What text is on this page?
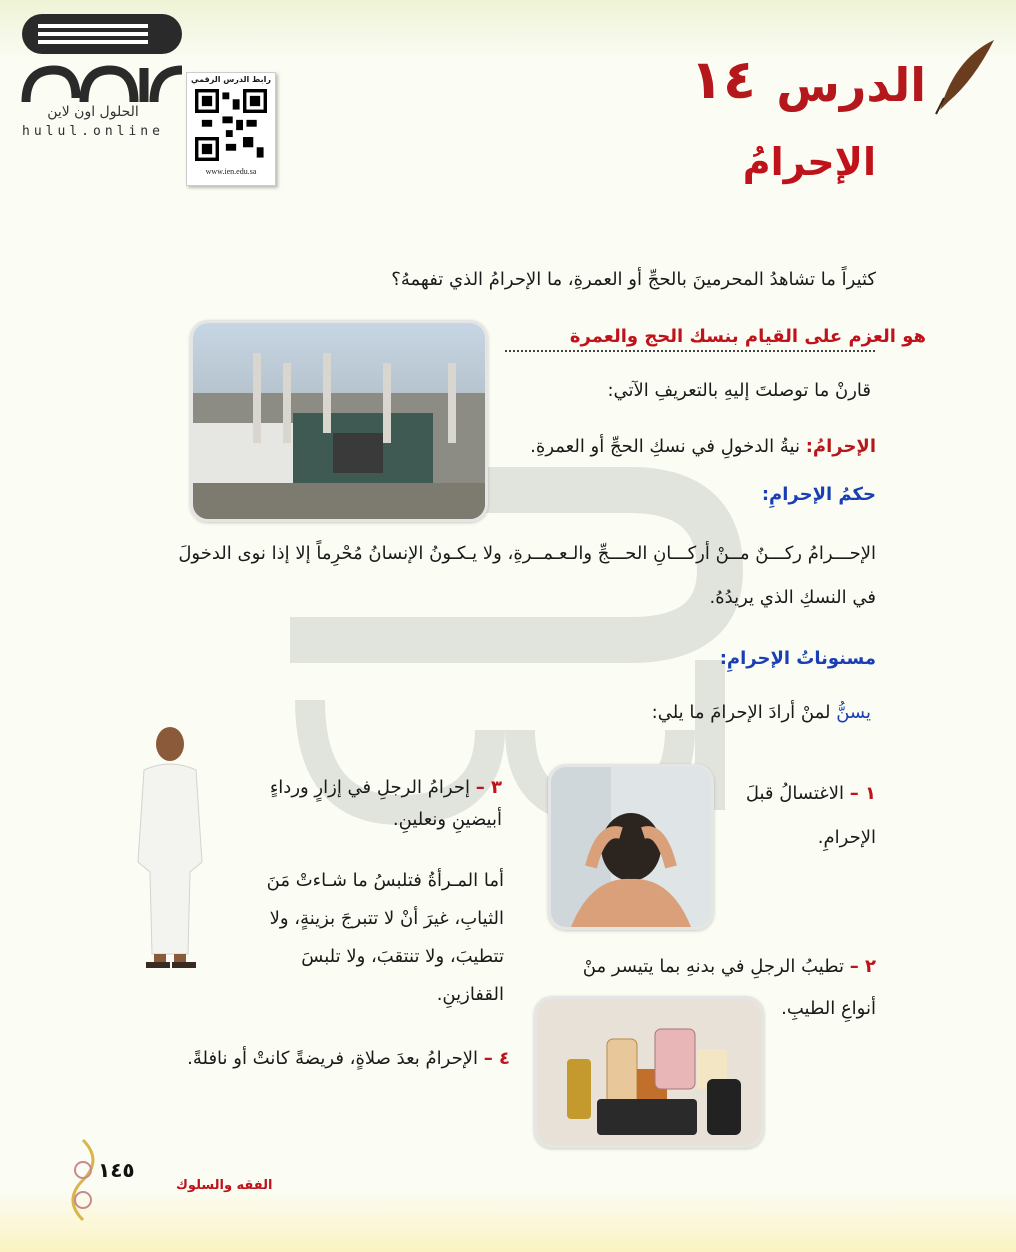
الحلول اون لاين
hulul.online
رابط الدرس الرقمي
www.ien.edu.sa
الدرس
١٤
الإحرامُ
كثيراً ما تشاهدُ المحرمينَ بالحجِّ أو العمرةِ، ما الإحرامُ الذي تفهمهُ؟
هو العزم على القيام بنسك الحج والعمرة
قارنْ ما توصلتَ إليهِ بالتعريفِ الآتي:
الإحرامُ: نيةُ الدخولِ في نسكِ الحجِّ أو العمرةِ.
حكمُ الإحرامِ:
الإحـــرامُ ركـــنٌ مــنْ أركـــانِ الحـــجِّ والـعـمــرةِ، ولا يـكـونُ الإنسانُ مُحْرِماً إلا إذا نوى الدخولَ في النسكِ الذي يريدُهُ.
مسنوناتُ الإحرامِ:
يسنُّ لمنْ أرادَ الإحرامَ ما يلي:
١ – الاغتسالُ قبلَ الإحرامِ.
٢ – تطيبُ الرجلِ في بدنهِ بما يتيسر منْ أنواعِ الطيبِ.
٣ – إحرامُ الرجلِ في إزارٍ ورداءٍ أبيضينِ ونعلينِ.
أما المـرأةُ فتلبسُ ما شـاءتْ مَنَ الثيابِ، غيرَ أنْ لا تتبرجَ بزينةٍ، ولا تتطيبَ، ولا تنتقبَ، ولا تلبسَ القفازينِ.
٤ – الإحرامُ بعدَ صلاةٍ، فريضةً كانتْ أو نافلةً.
١٤٥
الفقه والسلوك
